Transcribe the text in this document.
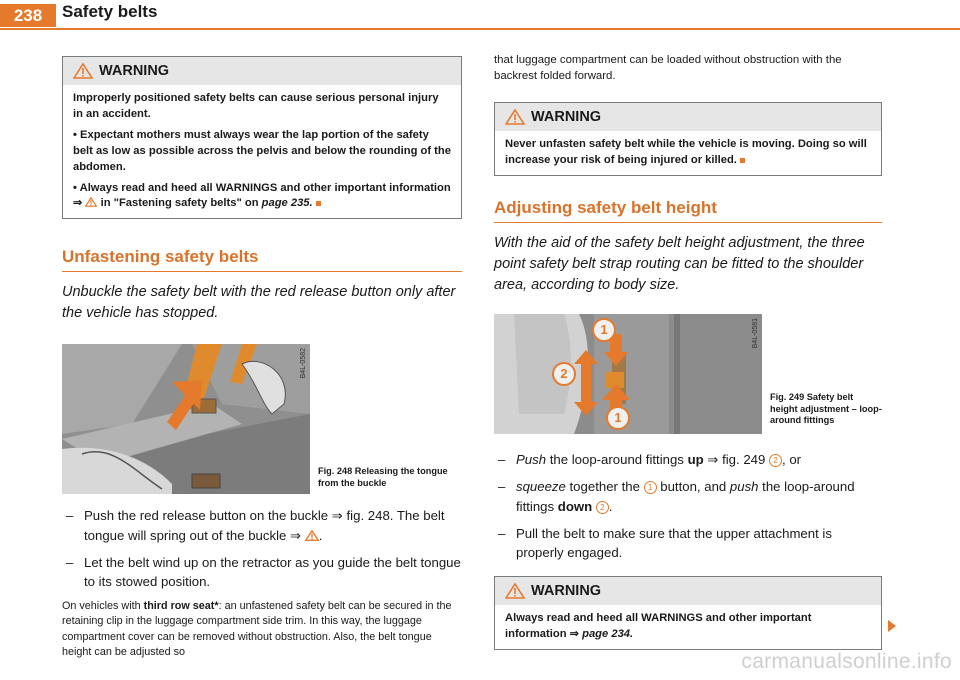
238	Safety belts
WARNING

Improperly positioned safety belts can cause serious personal injury in an accident.

• Expectant mothers must always wear the lap portion of the safety belt as low as possible across the pelvis and below the rounding of the abdomen.

• Always read and heed all WARNINGS and other important information ⇒  in "Fastening safety belts" on page 235.

Unfastening safety belts

Unbuckle the safety belt with the red release button only after the vehicle has stopped.

B4L-0582
Fig. 248 Releasing the tongue from the buckle
– Push the red release button on the buckle ⇒ fig. 248. The belt tongue will spring out of the buckle ⇒ .
– Let the belt wind up on the retractor as you guide the belt tongue to its stowed position.

On vehicles with third row seat*: an unfastened safety belt can be secured in the retaining clip in the luggage compartment side trim. In this way, the luggage compartment cover can be removed without obstruction. Also, the belt tongue height can be adjusted so

that luggage compartment can be loaded without obstruction with the backrest folded forward.

WARNING

Never unfasten safety belt while the vehicle is moving. Doing so will increase your risk of being injured or killed.

Adjusting safety belt height

With the aid of the safety belt height adjustment, the three point safety belt strap routing can be fitted to the shoulder area, according to body size.

1
2
1
B4L-0581
Fig. 249 Safety belt height adjustment – loop-around fittings
– Push the loop-around fittings up ⇒ fig. 249 2 , or
– squeeze together the 1 button, and push the loop-around fittings down 2 .
– Pull the belt to make sure that the upper attachment is properly engaged.
WARNING

Always read and heed all WARNINGS and other important information ⇒ page 234.

carmanualsonline.info
